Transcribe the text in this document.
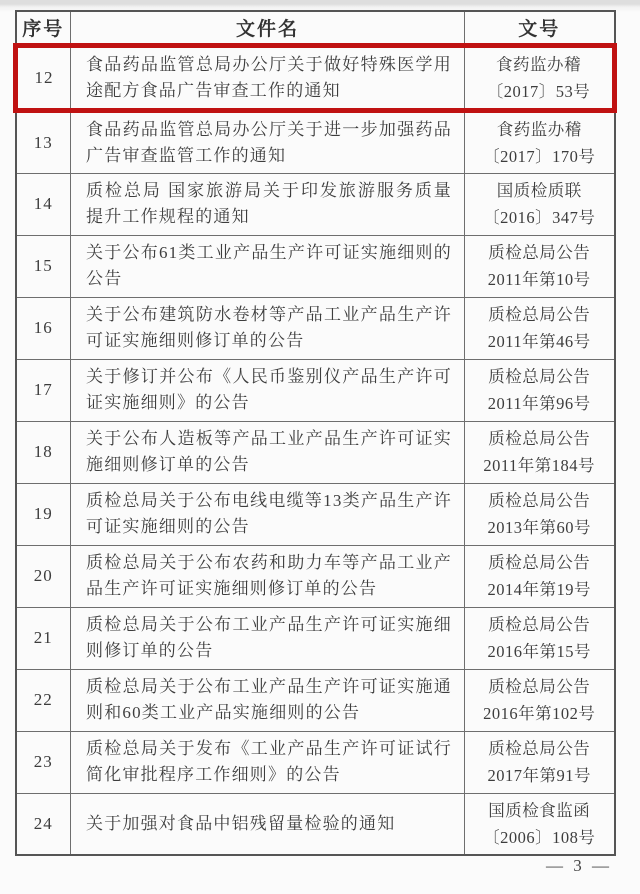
序号	文件名	文号
12	食品药品监管总局办公厅关于做好特殊医学用途配方食品广告审查工作的通知	食药监办稽
〔2017〕53号

13	食品药品监管总局办公厅关于进一步加强药品广告审查监管工作的通知	食药监办稽
〔2017〕170号

14	质检总局 国家旅游局关于印发旅游服务质量提升工作规程的通知	国质检质联
〔2016〕347号

15	关于公布61类工业产品生产许可证实施细则的公告	质检总局公告
2011年第10号

16	关于公布建筑防水卷材等产品工业产品生产许可证实施细则修订单的公告	质检总局公告
2011年第46号

17	关于修订并公布《人民币鉴别仪产品生产许可证实施细则》的公告	质检总局公告
2011年第96号

18	关于公布人造板等产品工业产品生产许可证实施细则修订单的公告	质检总局公告
2011年第184号

19	质检总局关于公布电线电缆等13类产品生产许可证实施细则的公告	质检总局公告
2013年第60号

20	质检总局关于公布农药和助力车等产品工业产品生产许可证实施细则修订单的公告	质检总局公告
2014年第19号

21	质检总局关于公布工业产品生产许可证实施细则修订单的公告	质检总局公告
2016年第15号

22	质检总局关于公布工业产品生产许可证实施通则和60类工业产品实施细则的公告	质检总局公告
2016年第102号

23	质检总局关于发布《工业产品生产许可证试行简化审批程序工作细则》的公告	质检总局公告
2017年第91号

24	关于加强对食品中铝残留量检验的通知	国质检食监函
〔2006〕108号
— 3 —
